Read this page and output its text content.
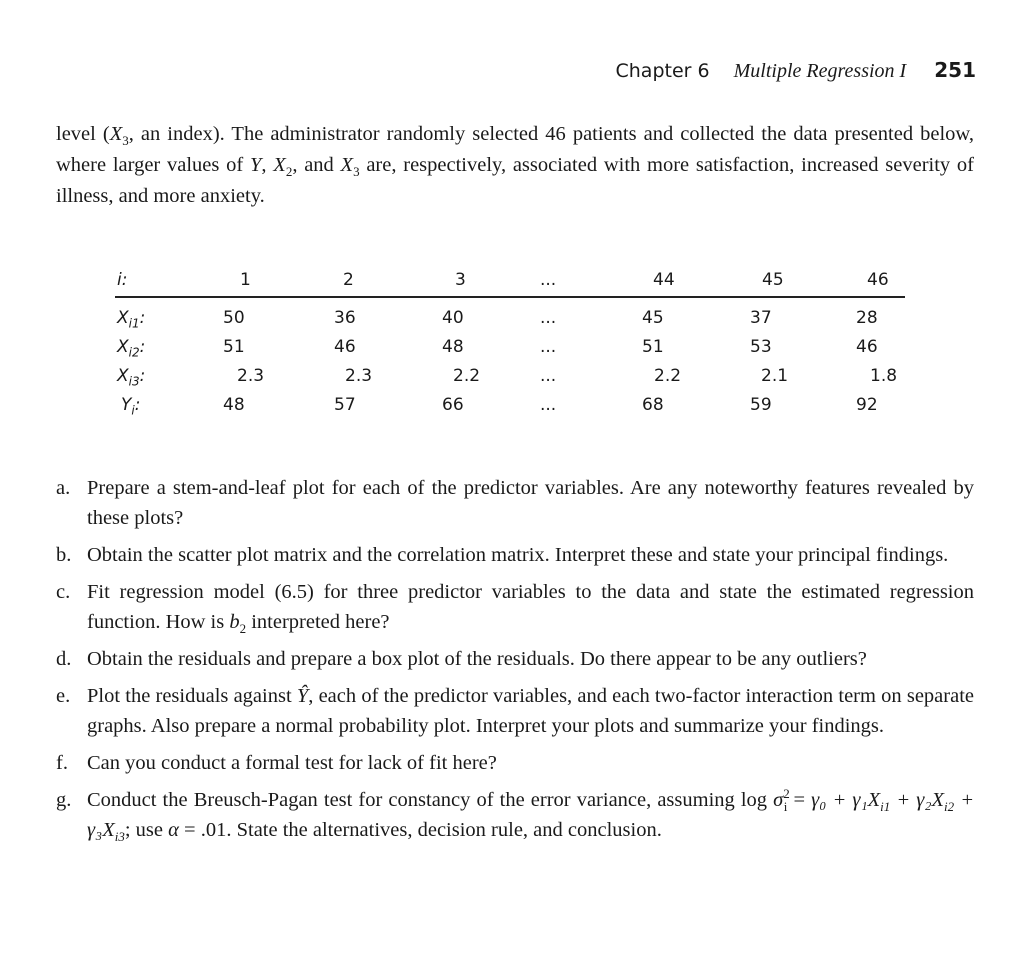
Chapter 6 Multiple Regression I 251
level ($X_3$, an index). The administrator randomly selected 46 patients and collected the data presented below, where larger values of Y, $X_2$, and $X_3$ are, respectively, associated with more satisfaction, increased severity of illness, and more anxiety.
i:	1	2	3	...	44	45	46
$X_{i1}$:	50	36	40	...	45	37	28
$X_{i2}$:	51	46	48	...	51	53	46
$X_{i3}$:	2.3	2.3	2.2	...	2.2	2.1	1.8
$Y_i$:	48	57	66	...	68	59	92
a. Prepare a stem-and-leaf plot for each of the predictor variables. Are any noteworthy features revealed by these plots?
b. Obtain the scatter plot matrix and the correlation matrix. Interpret these and state your principal findings.
c. Fit regression model (6.5) for three predictor variables to the data and state the estimated regression function. How is $b_2$ interpreted here?
d. Obtain the residuals and prepare a box plot of the residuals. Do there appear to be any outliers?
e. Plot the residuals against Ŷ, each of the predictor variables, and each two-factor interaction term on separate graphs. Also prepare a normal probability plot. Interpret your plots and summarize your findings.
f. Can you conduct a formal test for lack of fit here?
g. Conduct the Breusch-Pagan test for constancy of the error variance, assuming $\log \sigma^2_i = \gamma_0 + \gamma_1X_{i1} + \gamma_2X_{i2} + \gamma_3X_{i3}$; use α = .01. State the alternatives, decision rule, and conclusion.
